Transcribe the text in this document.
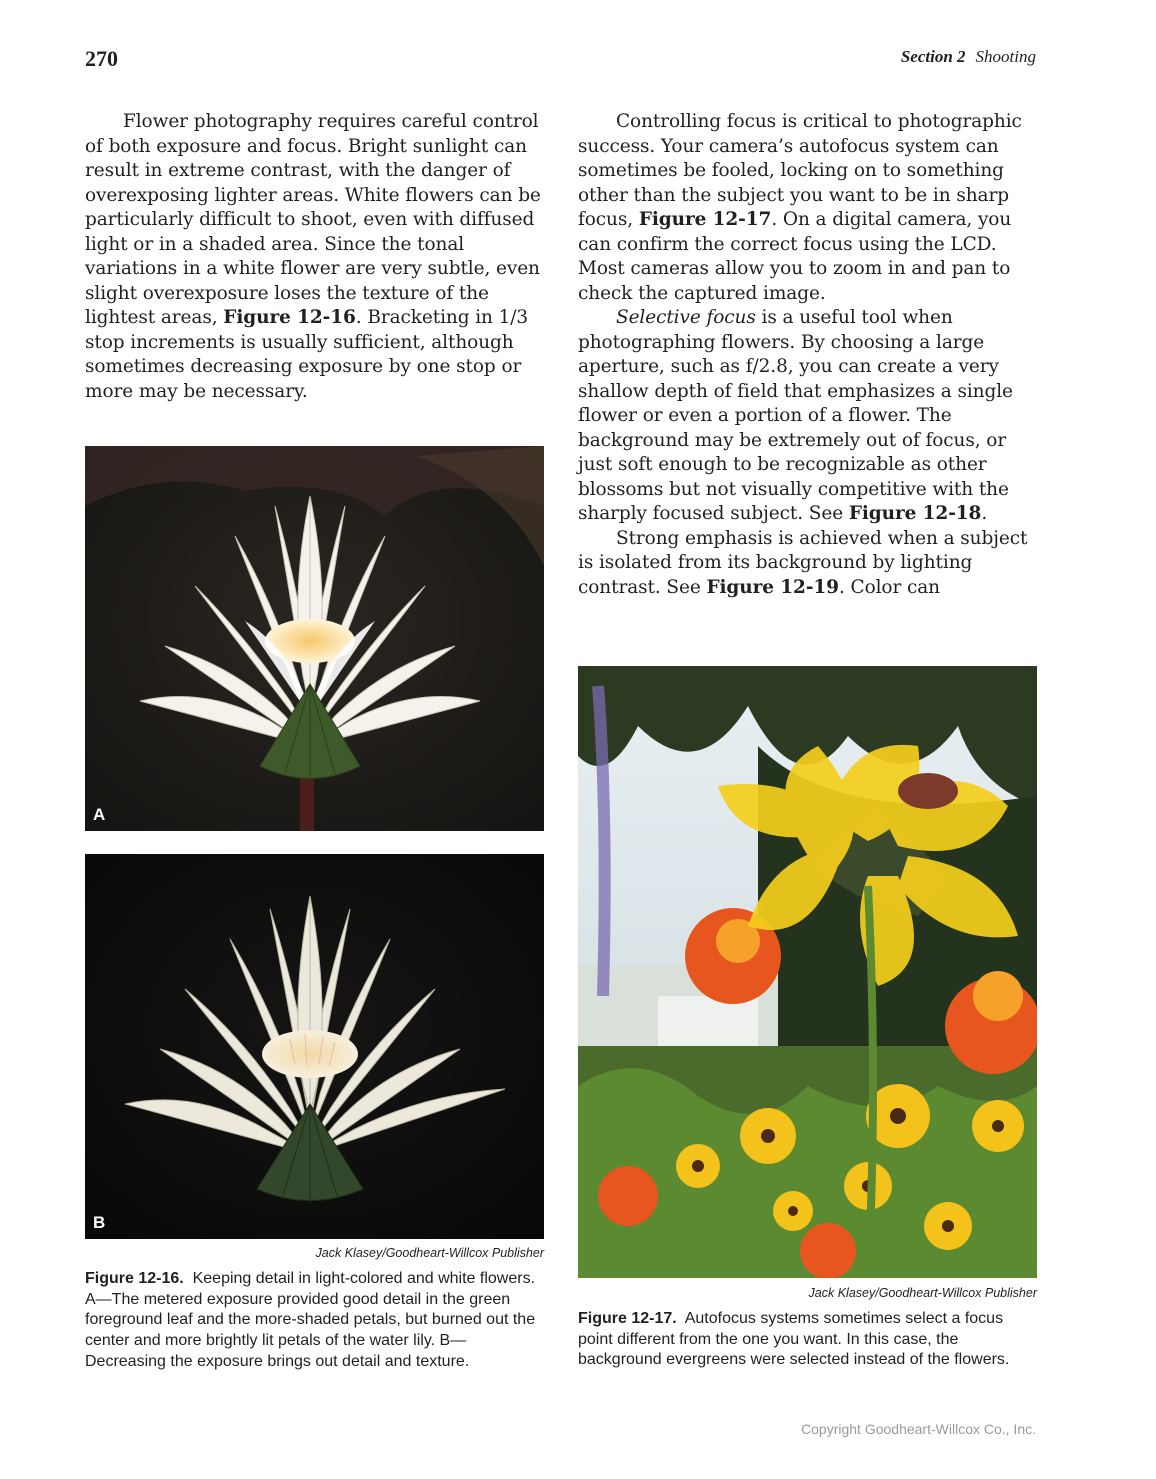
270	Section 2 Shooting

Flower photography requires careful control of both exposure and focus. Bright sunlight can result in extreme contrast, with the danger of overexposing lighter areas. White flowers can be particularly difficult to shoot, even with diffused light or in a shaded area. Since the tonal variations in a white flower are very subtle, even slight overexposure loses the texture of the lightest areas, Figure 12-16. Bracketing in 1/3 stop increments is usually sufficient, although sometimes decreasing exposure by one stop or more may be necessary.

Controlling focus is critical to photographic success. Your camera’s autofocus system can sometimes be fooled, locking on to something other than the subject you want to be in sharp focus, Figure 12-17. On a digital camera, you can confirm the correct focus using the LCD. Most cameras allow you to zoom in and pan to check the captured image.

Selective focus is a useful tool when photographing flowers. By choosing a large aperture, such as f/2.8, you can create a very shallow depth of field that emphasizes a single flower or even a portion of a flower. The background may be extremely out of focus, or just soft enough to be recognizable as other blossoms but not visually competitive with the sharply focused subject. See Figure 12-18.

Strong emphasis is achieved when a subject is isolated from its background by lighting contrast. See Figure 12-19. Color can

A
B
Jack Klasey/Goodheart-Willcox Publisher
Figure 12-16. Keeping detail in light-colored and white flowers. A—The metered exposure provided good detail in the green foreground leaf and the more-shaded petals, but burned out the center and more brightly lit petals of the water lily. B—Decreasing the exposure brings out detail and texture.
Jack Klasey/Goodheart-Willcox Publisher
Figure 12-17. Autofocus systems sometimes select a focus point different from the one you want. In this case, the background evergreens were selected instead of the flowers.
Copyright Goodheart-Willcox Co., Inc.
